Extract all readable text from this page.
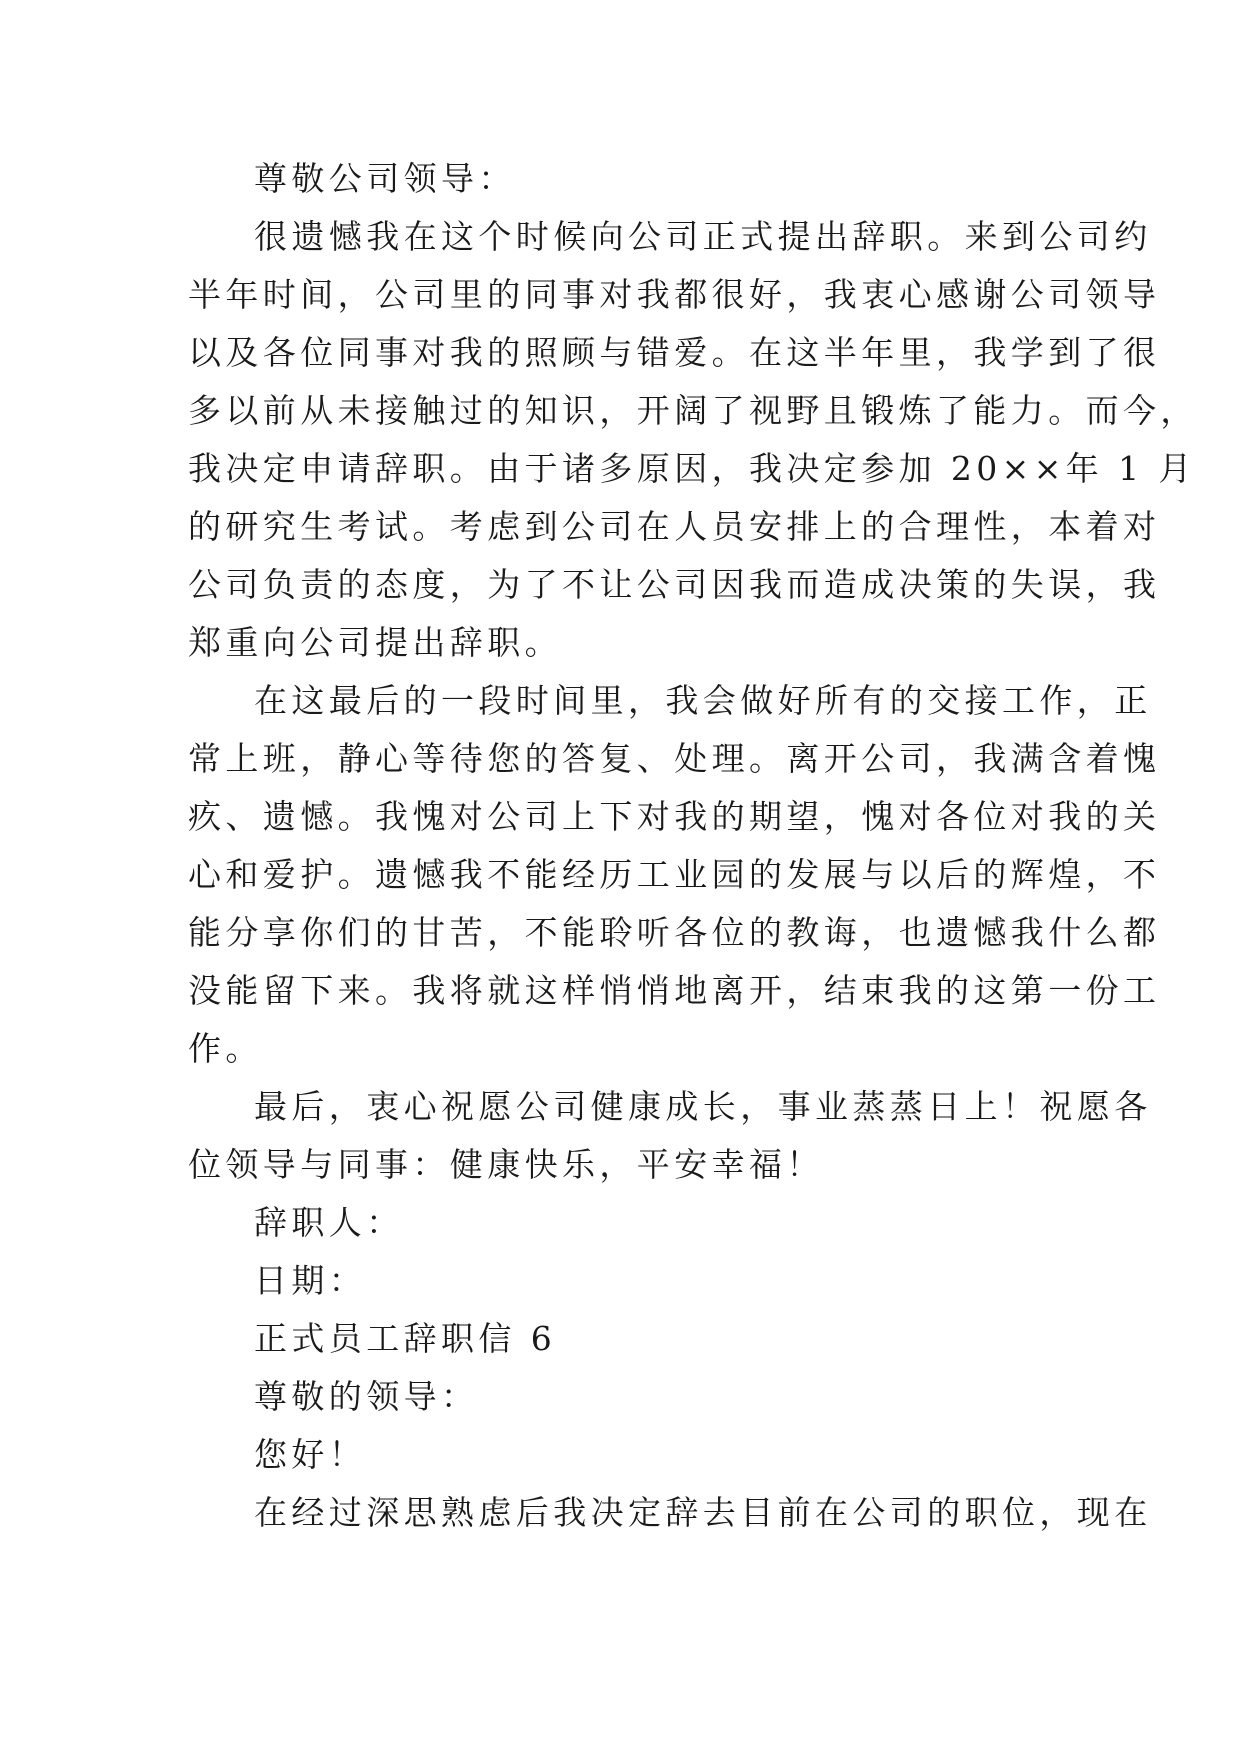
尊敬公司领导：
很遗憾我在这个时候向公司正式提出辞职。来到公司约
半年时间，公司里的同事对我都很好，我衷心感谢公司领导
以及各位同事对我的照顾与错爱。在这半年里，我学到了很
多以前从未接触过的知识，开阔了视野且锻炼了能力。而今，
我决定申请辞职。由于诸多原因，我决定参加 20××年 1 月
的研究生考试。考虑到公司在人员安排上的合理性，本着对
公司负责的态度，为了不让公司因我而造成决策的失误，我
郑重向公司提出辞职。
在这最后的一段时间里，我会做好所有的交接工作，正
常上班，静心等待您的答复、处理。离开公司，我满含着愧
疚、遗憾。我愧对公司上下对我的期望，愧对各位对我的关
心和爱护。遗憾我不能经历工业园的发展与以后的辉煌，不
能分享你们的甘苦，不能聆听各位的教诲，也遗憾我什么都
没能留下来。我将就这样悄悄地离开，结束我的这第一份工
作。
最后，衷心祝愿公司健康成长，事业蒸蒸日上！祝愿各
位领导与同事：健康快乐，平安幸福！
辞职人：
日期：
正式员工辞职信 6
尊敬的领导：
您好！
在经过深思熟虑后我决定辞去目前在公司的职位，现在
